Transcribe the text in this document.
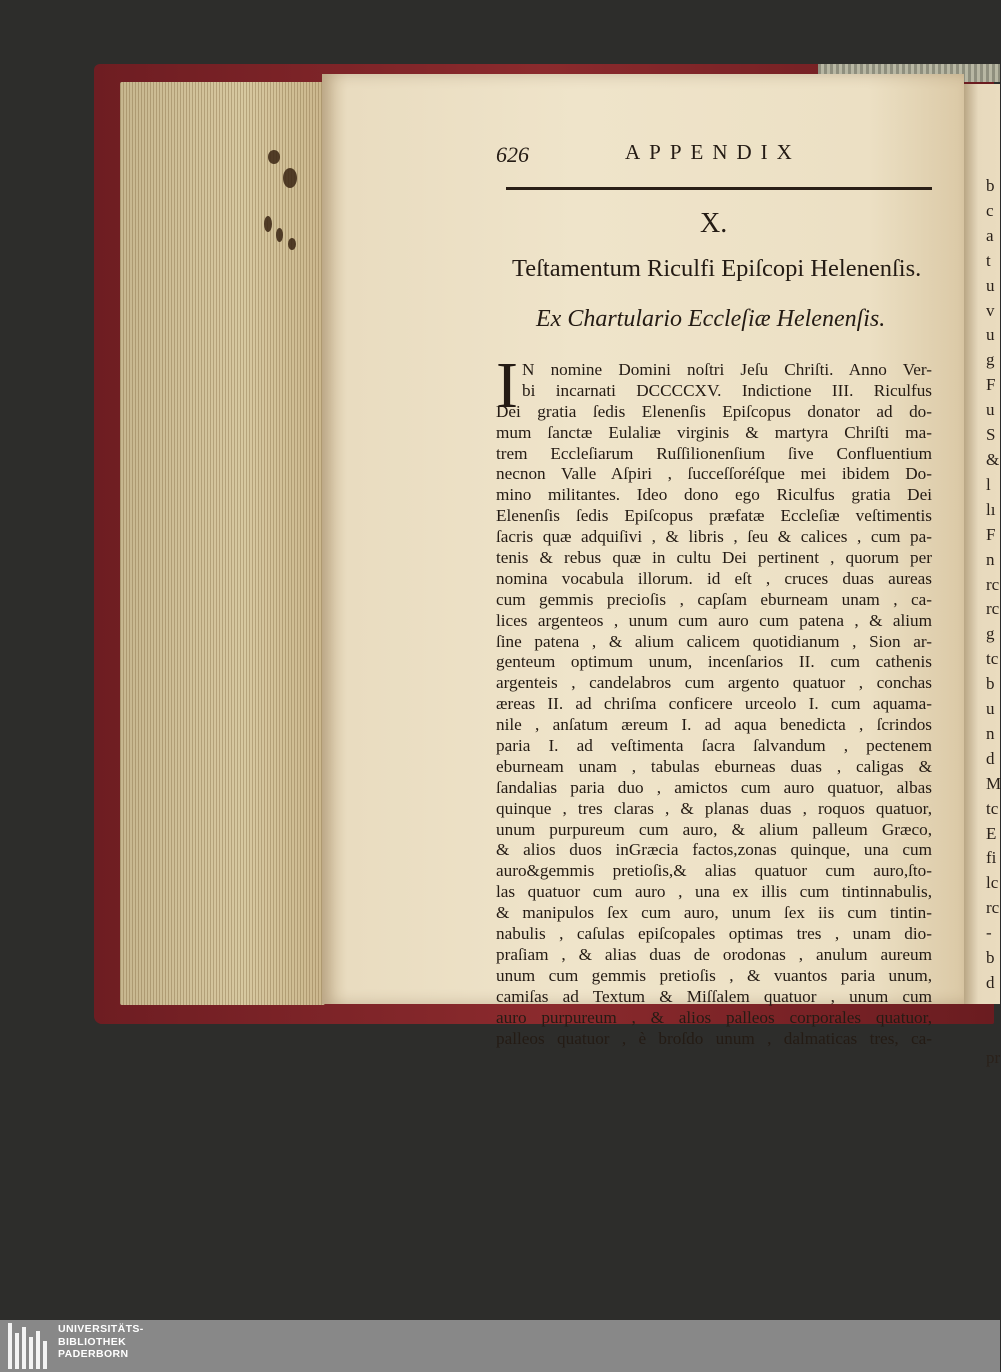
b
c
a
t
u
v
u
g
F
u
S
&
l
lı
F
n
rc
rc
g
tc
b
u
n
d
M
tc
E
fi
lc
rc
-
b
d

pr
626	APPENDIX
X.
Teſtamentum Riculfi Epiſcopi Helenenſis.
Ex Chartulario Eccleſiæ Helenenſis.
I N nomine Domini noſtri Jeſu Chriſti. Anno Ver-
bi incarnati DCCCCXV. Indictione III. Riculfus
Dei gratia ſedis Elenenſis Epiſcopus donator ad do-
mum ſanctæ Eulaliæ virginis & martyra Chriſti ma-
trem Eccleſiarum Ruſſilionenſium ſive Confluentium
necnon Valle Aſpiri , ſucceſſoréſque mei ibidem Do-
mino militantes. Ideo dono ego Riculfus gratia Dei
Elenenſis ſedis Epiſcopus præfatæ Eccleſiæ veſtimentis
ſacris quæ adquiſivi , & libris , ſeu & calices , cum pa-
tenis & rebus quæ in cultu Dei pertinent , quorum per
nomina vocabula illorum. id eſt , cruces duas aureas
cum gemmis precioſis , capſam eburneam unam , ca-
lices argenteos , unum cum auro cum patena , & alium
ſine patena , & alium calicem quotidianum , Sion ar-
genteum optimum unum, incenſarios II. cum cathenis
argenteis , candelabros cum argento quatuor , conchas
æreas II. ad chriſma conficere urceolo I. cum aquama-
nile , anſatum æreum I. ad aqua benedicta , ſcrindos
paria I. ad veſtimenta ſacra ſalvandum , pectenem
eburneam unam , tabulas eburneas duas , caligas &
ſandalias paria duo , amictos cum auro quatuor, albas
quinque , tres claras , & planas duas , roquos quatuor,
unum purpureum cum auro, & alium palleum Græco,
& alios duos inGræcia factos,zonas quinque, una cum
auro&gemmis pretioſis,& alias quatuor cum auro,ſto-
las quatuor cum auro , una ex illis cum tintinnabulis,
& manipulos ſex cum auro, unum ſex iis cum tintin-
nabulis , caſulas epiſcopales optimas tres , unam dio-
praſiam , & alias duas de orodonas , anulum aureum
unum cum gemmis pretioſis , & vuantos paria unum,
camiſas ad Textum & Miſſalem quatuor , unum cum
auro purpureum , & alios palleos corporales quatuor,
palleos quatuor , è broſdo unum , dalmaticas tres, ca-
UNIVERSITÄTS-
BIBLIOTHEK
PADERBORN
